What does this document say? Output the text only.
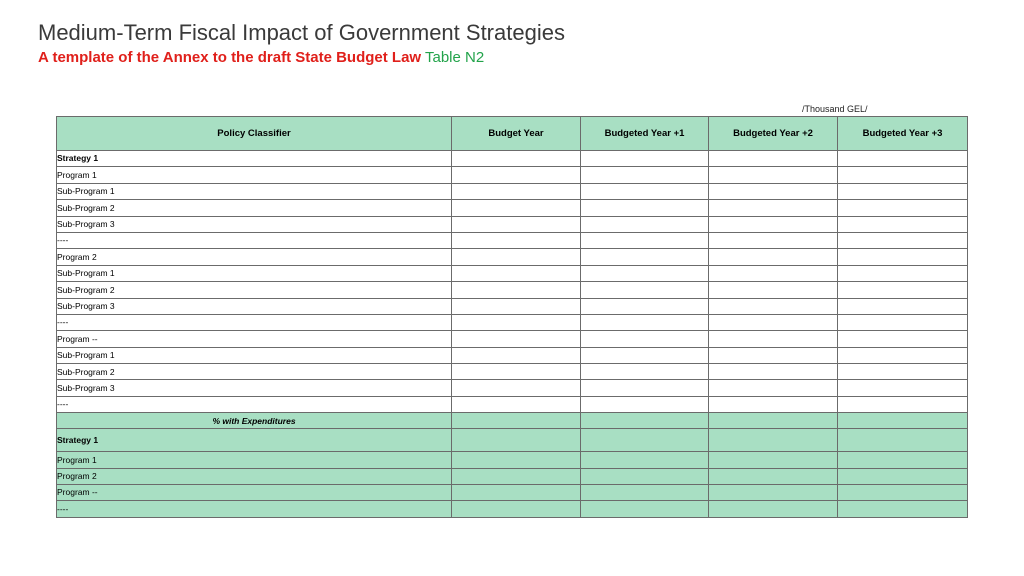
Medium-Term Fiscal Impact of Government Strategies
A template of the Annex to the draft State Budget Law Table N2
/Thousand GEL/
Policy Classifier	Budget Year	Budgeted Year +1	Budgeted Year +2	Budgeted Year +3
Strategy 1				
Program 1				
Sub-Program 1				
Sub-Program 2				
Sub-Program 3				
----				
Program 2				
Sub-Program 1				
Sub-Program 2				
Sub-Program 3				
----				
Program --				
Sub-Program 1				
Sub-Program 2				
Sub-Program 3				
----				
% with Expenditures				
Strategy 1				
Program 1				
Program 2				
Program --				
----				
